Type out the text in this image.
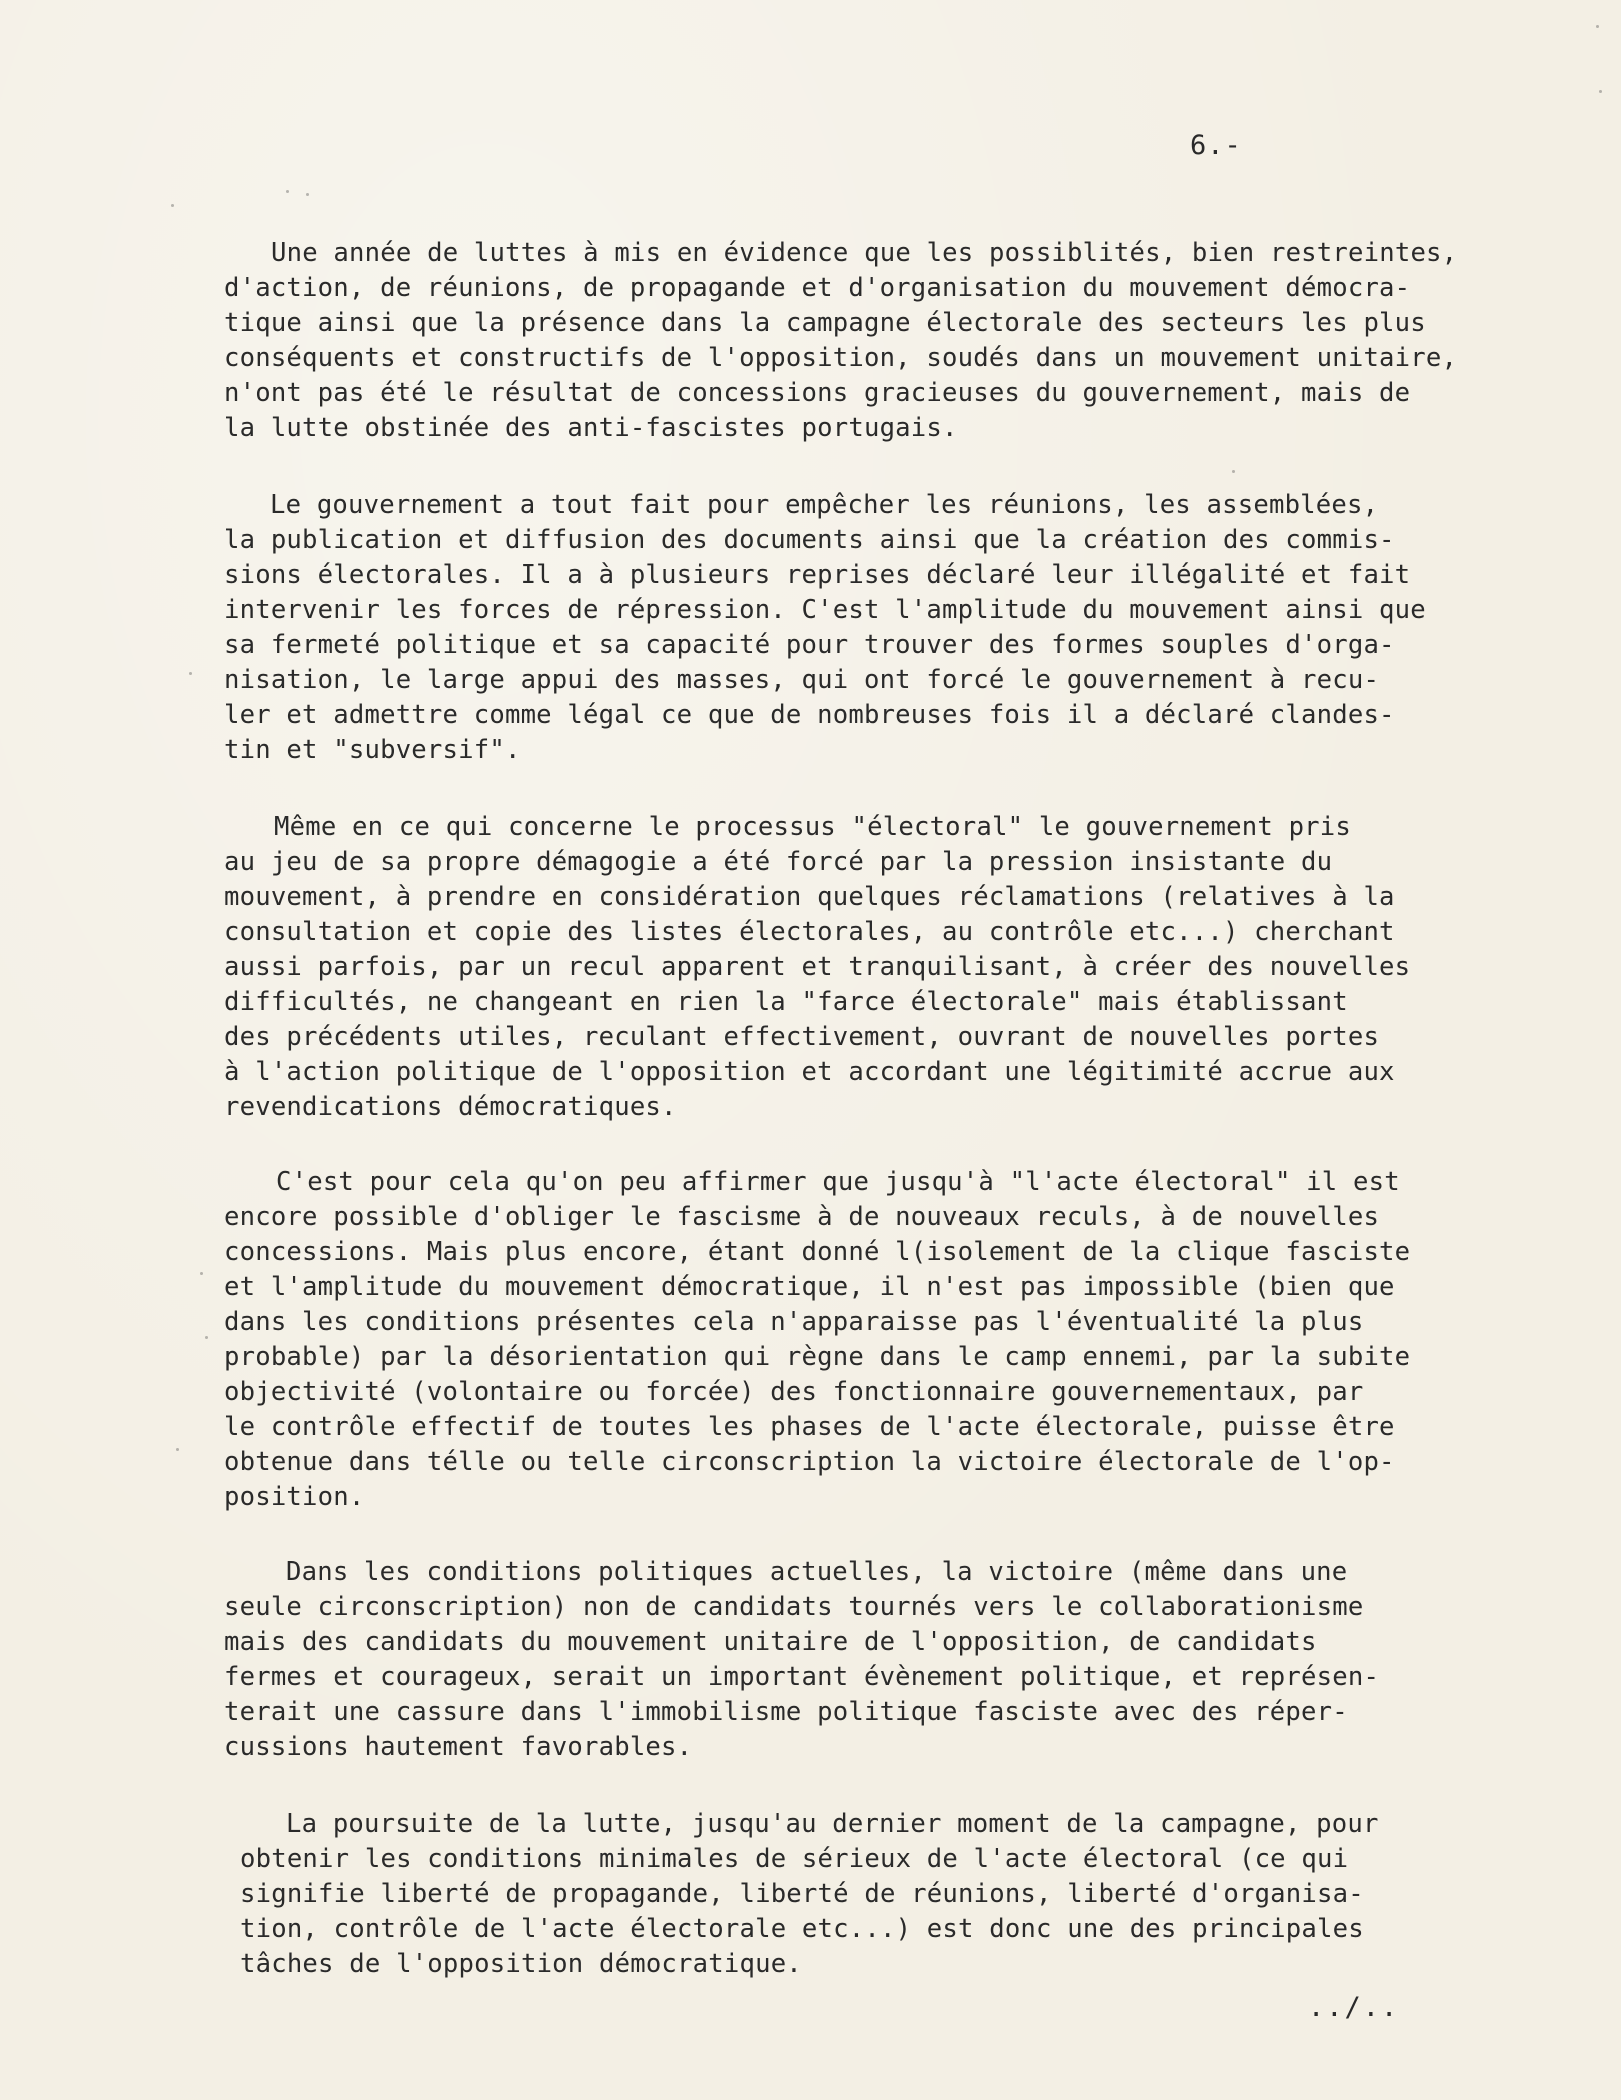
6.-
Une année de luttes à mis en évidence que les possiblités, bien restreintes,
d'action, de réunions, de propagande et d'organisation du mouvement démocra-
tique ainsi que la présence dans la campagne électorale des secteurs les plus
conséquents et constructifs de l'opposition, soudés dans un mouvement unitaire,
n'ont pas été le résultat de concessions gracieuses du gouvernement, mais de
la lutte obstinée des anti-fascistes portugais.
Le gouvernement a tout fait pour empêcher les réunions, les assemblées,
la publication et diffusion des documents ainsi que la création des commis-
sions électorales. Il a à plusieurs reprises déclaré leur illégalité et fait
intervenir les forces de répression. C'est l'amplitude du mouvement ainsi que
sa fermeté politique et sa capacité pour trouver des formes souples d'orga-
nisation, le large appui des masses, qui ont forcé le gouvernement à recu-
ler et admettre comme légal ce que de nombreuses fois il a déclaré clandes-
tin et "subversif".
Même en ce qui concerne le processus "électoral" le gouvernement pris
au jeu de sa propre démagogie a été forcé par la pression insistante du
mouvement, à prendre en considération quelques réclamations (relatives à la
consultation et copie des listes électorales, au contrôle etc...) cherchant
aussi parfois, par un recul apparent et tranquilisant, à créer des nouvelles
difficultés, ne changeant en rien la "farce électorale" mais établissant
des précédents utiles, reculant effectivement, ouvrant de nouvelles portes
à l'action politique de l'opposition et accordant une légitimité accrue aux
revendications démocratiques.
C'est pour cela qu'on peu affirmer que jusqu'à "l'acte électoral" il est
encore possible d'obliger le fascisme à de nouveaux reculs, à de nouvelles
concessions. Mais plus encore, étant donné l(isolement de la clique fasciste
et l'amplitude du mouvement démocratique, il n'est pas impossible (bien que
dans les conditions présentes cela n'apparaisse pas l'éventualité la plus
probable) par la désorientation qui règne dans le camp ennemi, par la subite
objectivité (volontaire ou forcée) des fonctionnaire gouvernementaux, par
le contrôle effectif de toutes les phases de l'acte électorale, puisse être
obtenue dans télle ou telle circonscription la victoire électorale de l'op-
position.
Dans les conditions politiques actuelles, la victoire (même dans une
seule circonscription) non de candidats tournés vers le collaborationisme
mais des candidats du mouvement unitaire de l'opposition, de candidats
fermes et courageux, serait un important évènement politique, et représen-
terait une cassure dans l'immobilisme politique fasciste avec des réper-
cussions hautement favorables.
La poursuite de la lutte, jusqu'au dernier moment de la campagne, pour
obtenir les conditions minimales de sérieux de l'acte électoral (ce qui
signifie liberté de propagande, liberté de réunions, liberté d'organisa-
tion, contrôle de l'acte électorale etc...) est donc une des principales
tâches de l'opposition démocratique.
../..
